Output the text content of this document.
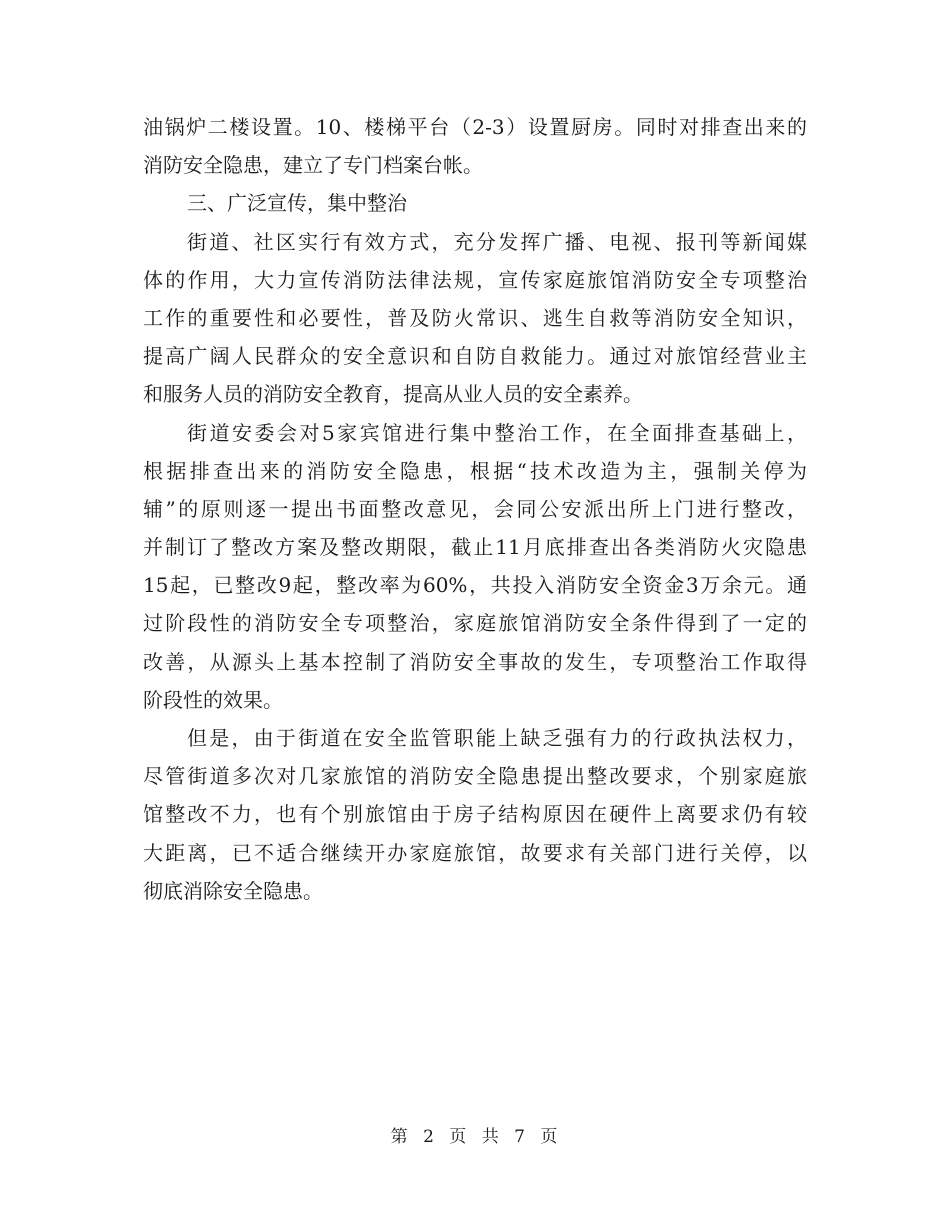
油锅炉二楼设置。10、楼梯平台（2-3）设置厨房。同时对排查出来的
消防安全隐患，建立了专门档案台帐。
三、广泛宣传，集中整治
街道、社区实行有效方式，充分发挥广播、电视、报刊等新闻媒
体的作用，大力宣传消防法律法规，宣传家庭旅馆消防安全专项整治
工作的重要性和必要性，普及防火常识、逃生自救等消防安全知识，
提高广阔人民群众的安全意识和自防自救能力。通过对旅馆经营业主
和服务人员的消防安全教育，提高从业人员的安全素养。
街道安委会对5家宾馆进行集中整治工作，在全面排查基础上，
根据排查出来的消防安全隐患，根据“技术改造为主，强制关停为
辅”的原则逐一提出书面整改意见，会同公安派出所上门进行整改，
并制订了整改方案及整改期限，截止11月底排查出各类消防火灾隐患
15起，已整改9起，整改率为60%，共投入消防安全资金3万余元。通
过阶段性的消防安全专项整治，家庭旅馆消防安全条件得到了一定的
改善，从源头上基本控制了消防安全事故的发生，专项整治工作取得
阶段性的效果。
但是，由于街道在安全监管职能上缺乏强有力的行政执法权力，
尽管街道多次对几家旅馆的消防安全隐患提出整改要求，个别家庭旅
馆整改不力，也有个别旅馆由于房子结构原因在硬件上离要求仍有较
大距离，已不适合继续开办家庭旅馆，故要求有关部门进行关停，以
彻底消除安全隐患。
第 2 页 共 7 页
